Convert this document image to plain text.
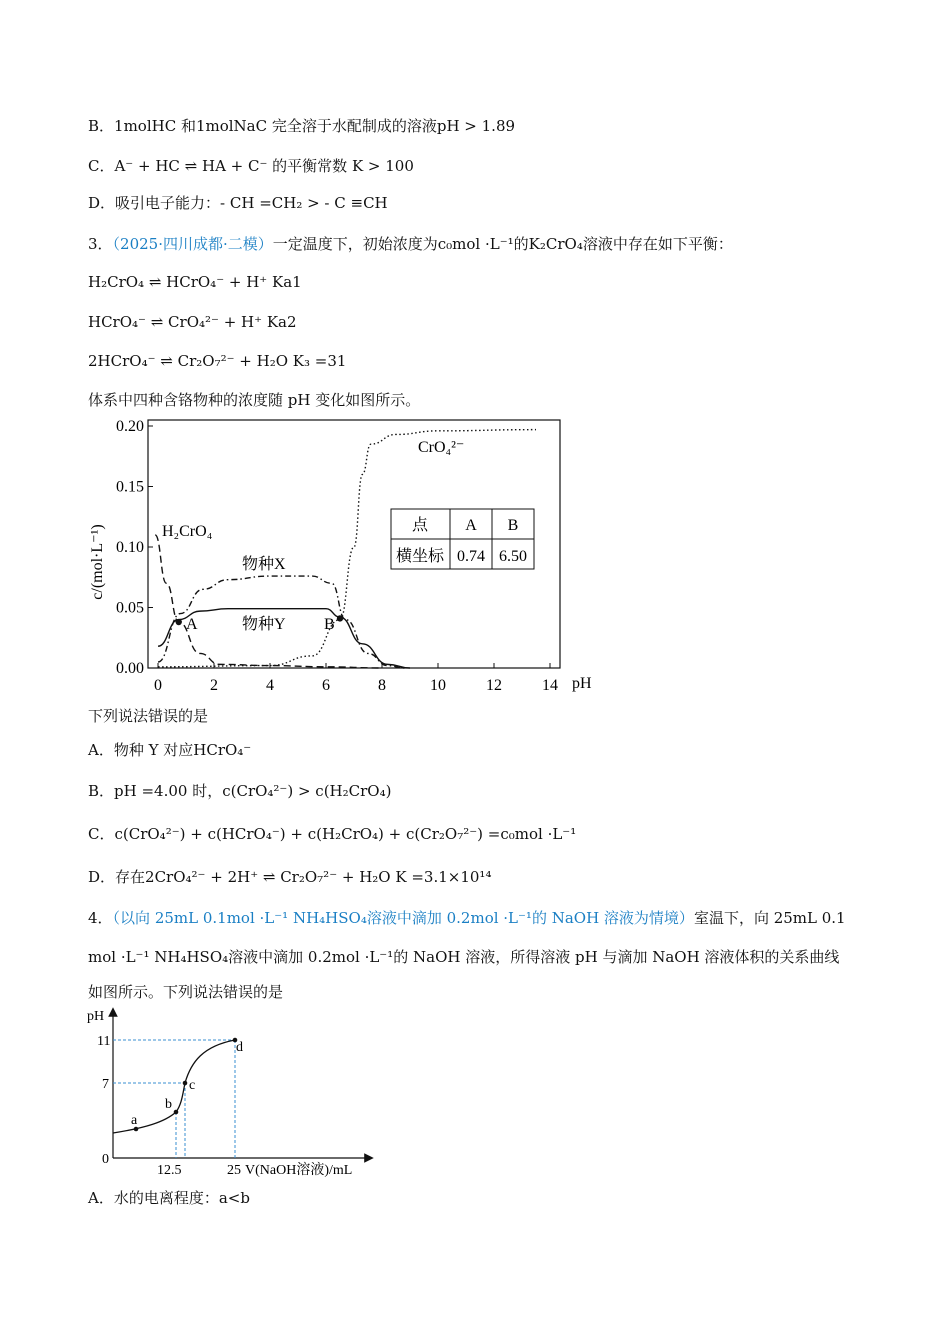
B．1molHC 和1molNaC 完全溶于水配制成的溶液pH > 1.89
C．A⁻ + HC ⇌ HA + C⁻ 的平衡常数 K > 100
D．吸引电子能力：- CH =CH₂ > - C ≡CH
3．（2025·四川成都·二模）一定温度下，初始浓度为c₀mol ·L⁻¹的K₂CrO₄溶液中存在如下平衡：
H₂CrO₄ ⇌ HCrO₄⁻ + H⁺ Ka1
HCrO₄⁻ ⇌ CrO₄²⁻ + H⁺ Ka2
2HCrO₄⁻ ⇌ Cr₂O₇²⁻ + H₂O K₃ =31
体系中四种含铬物种的浓度随 pH 变化如图所示。
0	2	4	6	8	10	12	14
0.00
0.05
0.10
0.15
0.20
c/(mol·L⁻¹)
pH
H₂CrO₄
物种X
物种Y
CrO₄²⁻
A	B
点 A B
横坐标 0.74 6.50
下列说法错误的是
A．物种 Y 对应HCrO₄⁻
B．pH =4.00 时，c(CrO₄²⁻) > c(H₂CrO₄)
C．c(CrO₄²⁻) + c(HCrO₄⁻) + c(H₂CrO₄) + c(Cr₂O₇²⁻) =c₀mol ·L⁻¹
D．存在2CrO₄²⁻ + 2H⁺ ⇌ Cr₂O₇²⁻ + H₂O K =3.1×10¹⁴
4．（以向 25mL 0.1mol ·L⁻¹ NH₄HSO₄溶液中滴加 0.2mol ·L⁻¹的 NaOH 溶液为情境）室温下，向 25mL 0.1
mol ·L⁻¹ NH₄HSO₄溶液中滴加 0.2mol ·L⁻¹的 NaOH 溶液，所得溶液 pH 与滴加 NaOH 溶液体积的关系曲线
如图所示。下列说法错误的是
pH
11
7
0
12.5	25 V(NaOH溶液)/mL
a
b
c
d
A．水的电离程度：a<b
